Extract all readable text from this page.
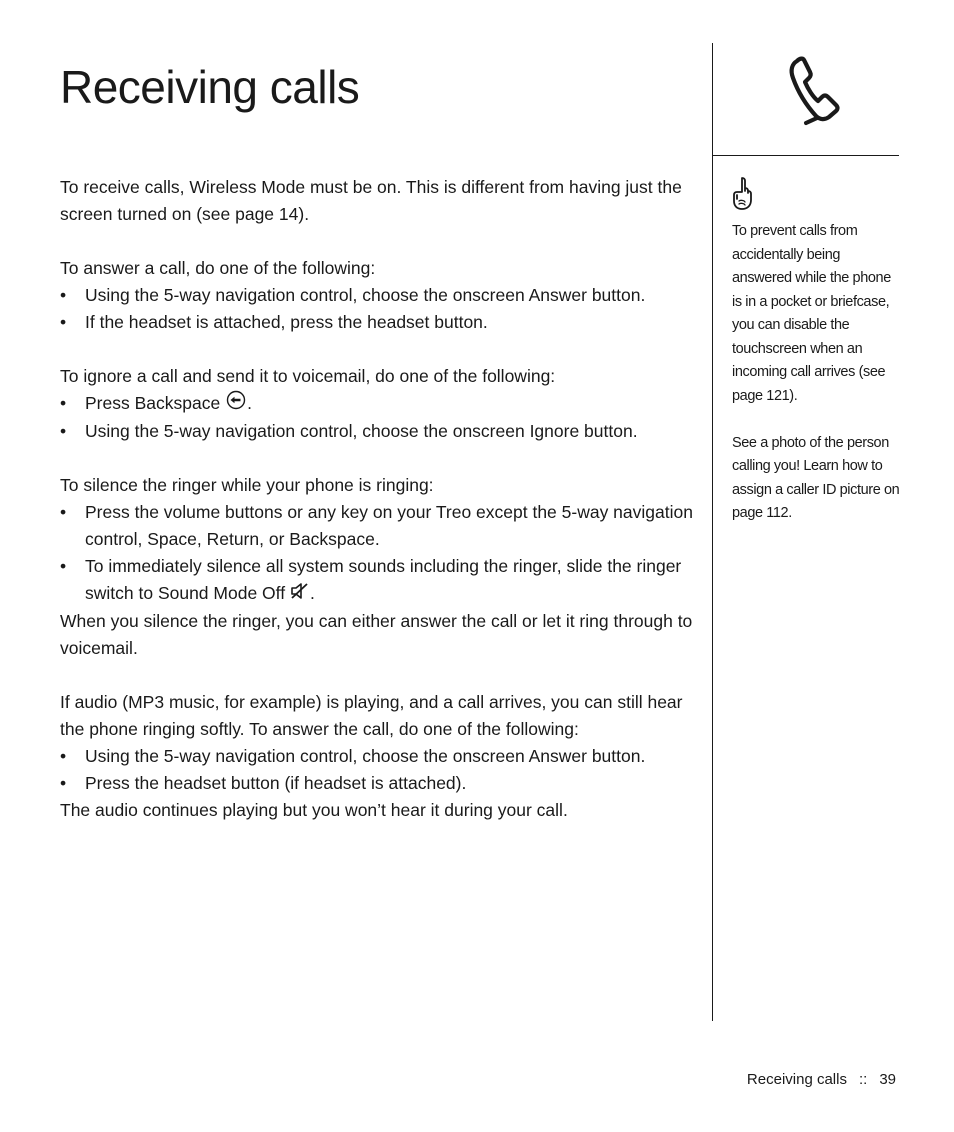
Receiving calls

To receive calls, Wireless Mode must be on. This is different from having just the screen turned on (see page 14).

To answer a call, do one of the following:

• Using the 5-way navigation control, choose the onscreen Answer button.
• If the headset is attached, press the headset button.

To ignore a call and send it to voicemail, do one of the following:

• Press Backspace .
• Using the 5-way navigation control, choose the onscreen Ignore button.

To silence the ringer while your phone is ringing:

• Press the volume buttons or any key on your Treo except the 5-way navigation control, Space, Return, or Backspace.
• To immediately silence all system sounds including the ringer, slide the ringer switch to Sound Mode Off .

When you silence the ringer, you can either answer the call or let it ring through to voicemail.

If audio (MP3 music, for example) is playing, and a call arrives, you can still hear the phone ringing softly. To answer the call, do one of the following:

• Using the 5-way navigation control, choose the onscreen Answer button.
• Press the headset button (if headset is attached).

The audio continues playing but you won’t hear it during your call.

To prevent calls from accidentally being answered while the phone is in a pocket or briefcase, you can disable the touchscreen when an incoming call arrives (see page 121).

See a photo of the person calling you! Learn how to assign a caller ID picture on page 112.

Receiving calls :: 39
